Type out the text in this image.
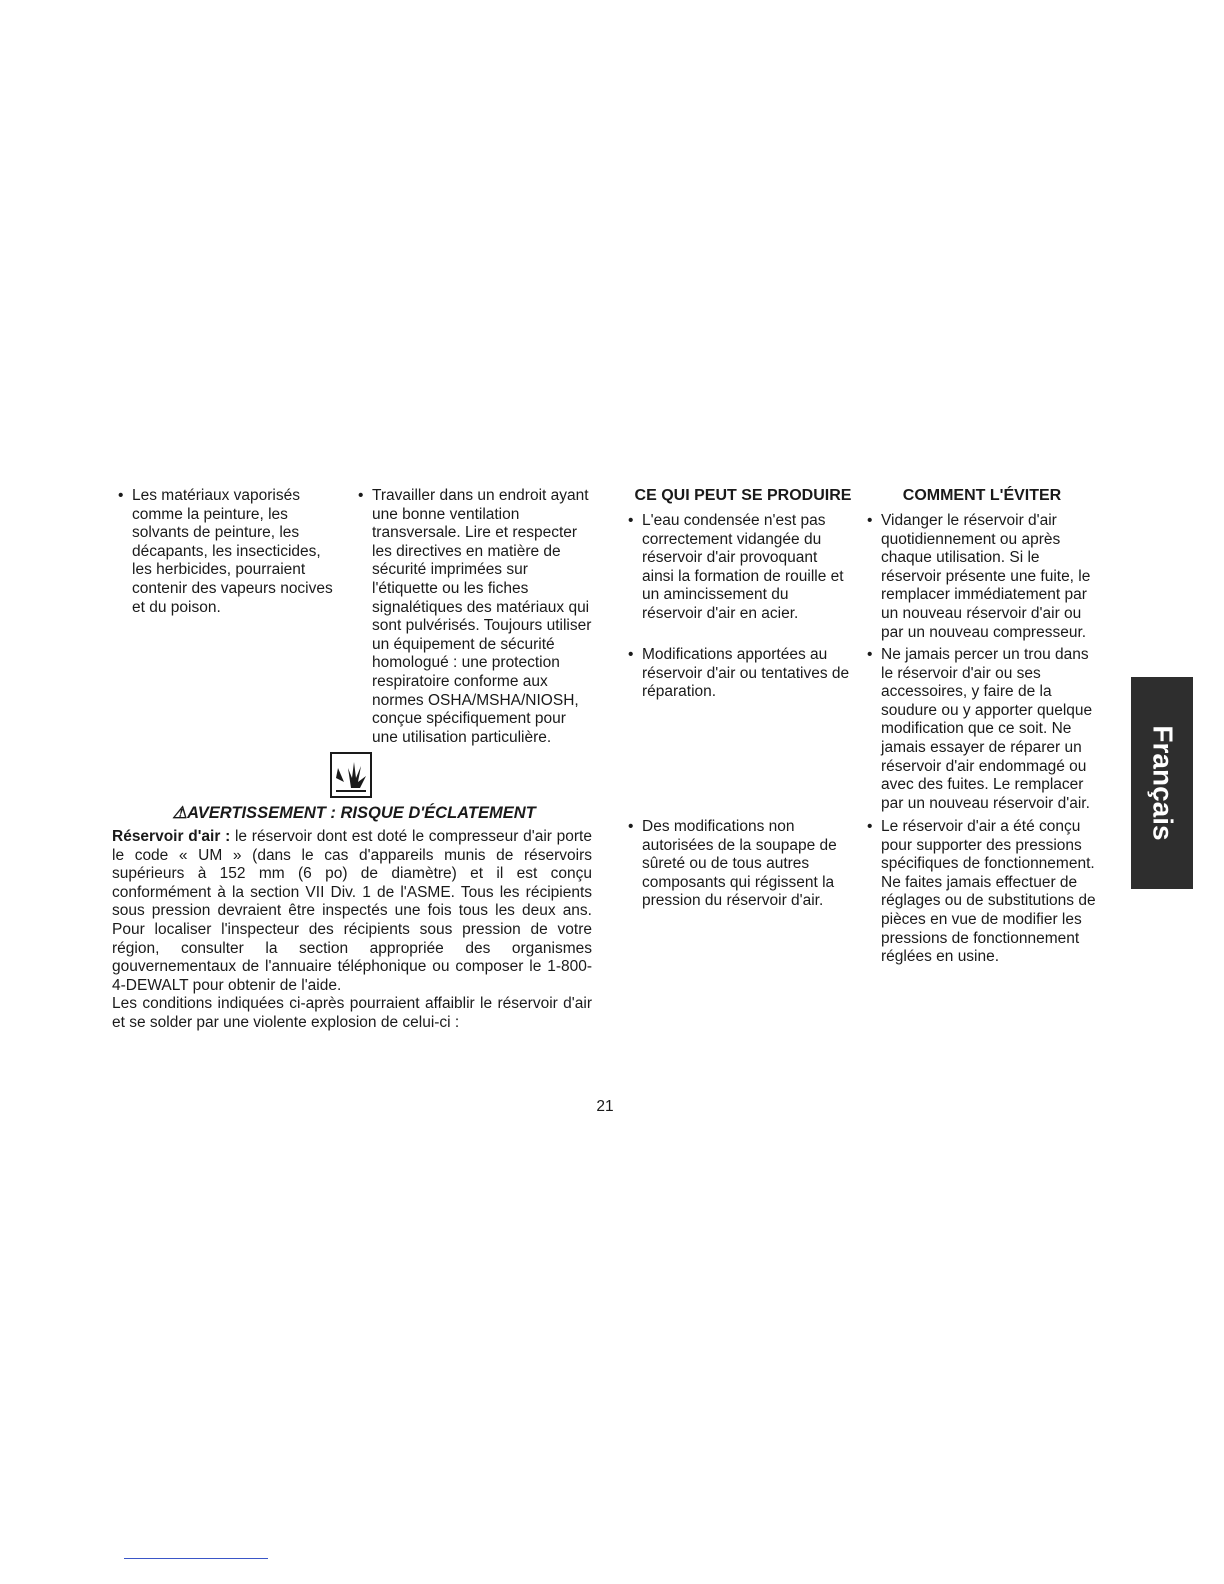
• Les matériaux vaporisés comme la peinture, les solvants de peinture, les décapants, les insecticides, les herbicides, pourraient contenir des vapeurs nocives et du poison.
• Travailler dans un endroit ayant une bonne ventilation transversale. Lire et respecter les directives en matière de sécurité imprimées sur l'étiquette ou les fiches signalétiques des matériaux qui sont pulvérisés. Toujours utiliser un équipement de sécurité homologué : une protection respiratoire conforme aux normes OSHA/MSHA/NIOSH, conçue spécifiquement pour une utilisation particulière.
⚠AVERTISSEMENT : RISQUE D'ÉCLATEMENT

Réservoir d'air : le réservoir dont est doté le compresseur d'air porte le code « UM » (dans le cas d'appareils munis de réservoirs supérieurs à 152 mm (6 po) de diamètre) et il est conçu conformément à la section VII Div. 1 de l'ASME. Tous les récipients sous pression devraient être inspectés une fois tous les deux ans. Pour localiser l'inspecteur des récipients sous pression de votre région, consulter la section appropriée des organismes gouvernementaux de l'annuaire téléphonique ou composer le 1-800-4-DEWALT pour obtenir de l'aide.

Les conditions indiquées ci-après pourraient affaiblir le réservoir d'air et se solder par une violente explosion de celui-ci :

CE QUI PEUT SE PRODUIRE
• L'eau condensée n'est pas correctement vidangée du réservoir d'air provoquant ainsi la formation de rouille et un amincissement du réservoir d'air en acier.
• Modifications apportées au réservoir d'air ou tentatives de réparation.
• Des modifications non autorisées de la soupape de sûreté ou de tous autres composants qui régissent la pression du réservoir d'air.
COMMENT L'ÉVITER
• Vidanger le réservoir d'air quotidiennement ou après chaque utilisation. Si le réservoir présente une fuite, le remplacer immédiatement par un nouveau réservoir d'air ou par un nouveau compresseur.
• Ne jamais percer un trou dans le réservoir d'air ou ses accessoires, y faire de la soudure ou y apporter quelque modification que ce soit. Ne jamais essayer de réparer un réservoir d'air endommagé ou avec des fuites. Le remplacer par un nouveau réservoir d'air.
• Le réservoir d'air a été conçu pour supporter des pressions spécifiques de fonctionnement. Ne faites jamais effectuer de réglages ou de substitutions de pièces en vue de modifier les pressions de fonctionnement réglées en usine.
Français
21
